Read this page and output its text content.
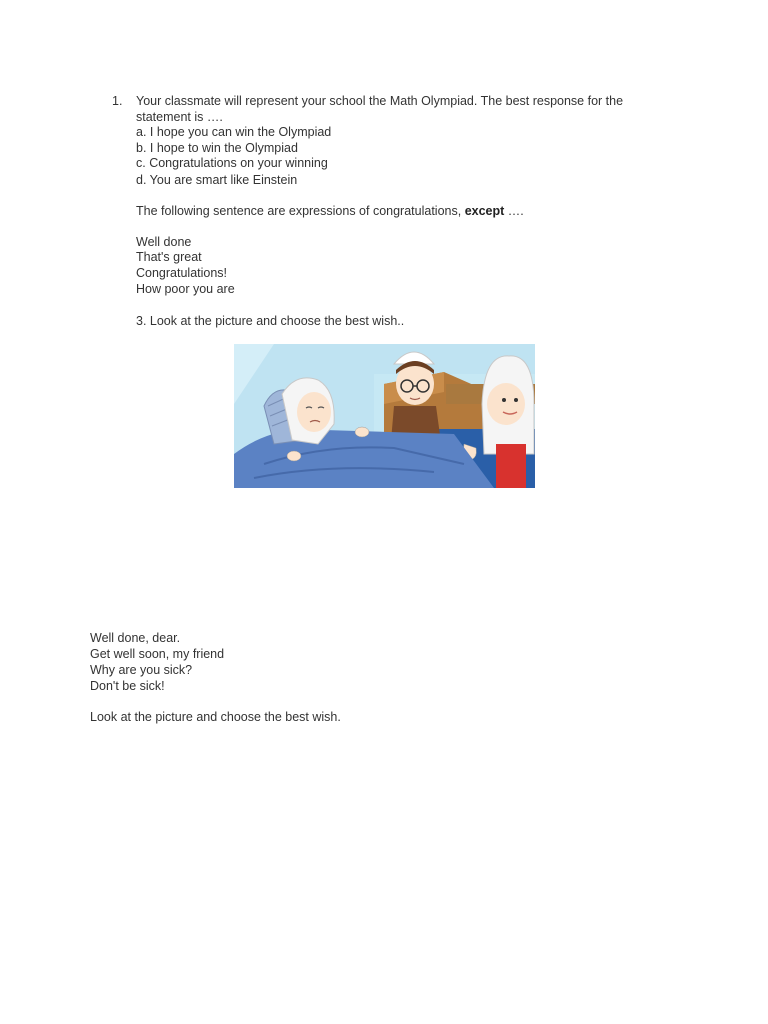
1. Your classmate will represent your school the Math Olympiad. The best response for the
statement is ….
a. I hope you can win the Olympiad
b. I hope to win the Olympiad
c. Congratulations on your winning
d. You are smart like Einstein
The following sentence are expressions of congratulations, except ….
Well done
That's great
Congratulations!
How poor you are
3. Look at the picture and choose the best wish..
Well done, dear.
Get well soon, my friend
Why are you sick?
Don't be sick!
Look at the picture and choose the best wish.
